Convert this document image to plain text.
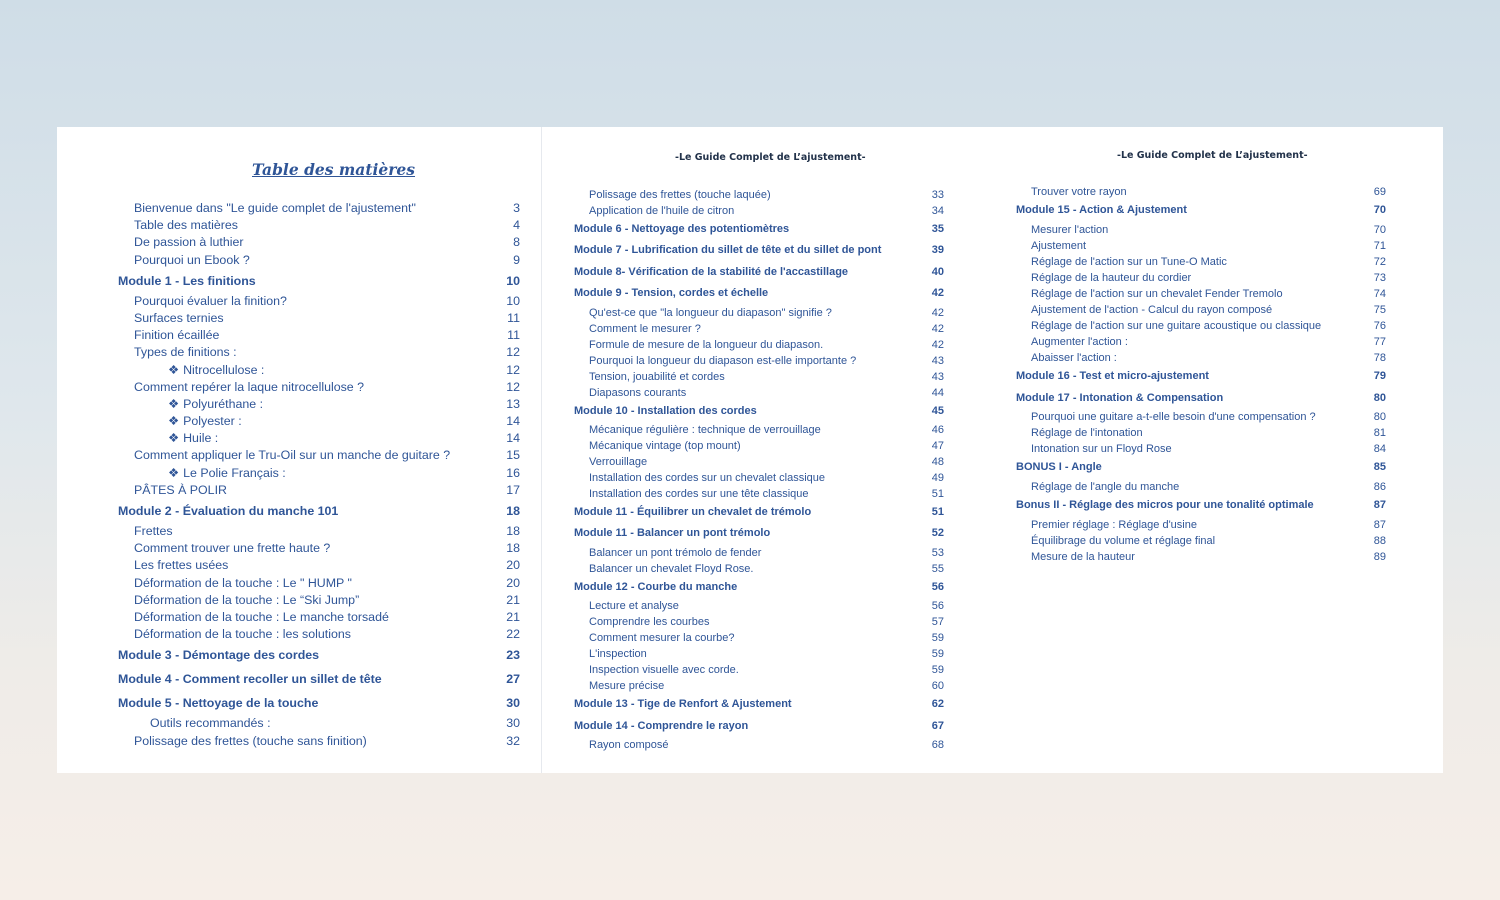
Table des matières
-Le Guide Complet de L’ajustement-	-Le Guide Complet de L’ajustement-
Bienvenue dans "Le guide complet de l'ajustement"	3
Table des matières	4
De passion à luthier	8
Pourquoi un Ebook ?	9
Module 1 - Les finitions	10
Pourquoi évaluer la finition?	10
Surfaces ternies	11
Finition écaillée	11
Types de finitions :	12
❖ Nitrocellulose :	12
Comment repérer la laque nitrocellulose ?	12
❖ Polyuréthane :	13
❖ Polyester :	14
❖ Huile :	14
Comment appliquer le Tru-Oil sur un manche de guitare ?	15
❖ Le Polie Français :	16
PÂTES À POLIR	17
Module 2 - Évaluation du manche 101	18
Frettes	18
Comment trouver une frette haute ?	18
Les frettes usées	20
Déformation de la touche : Le " HUMP "	20
Déformation de la touche : Le “Ski Jump”	21
Déformation de la touche : Le manche torsadé	21
Déformation de la touche : les solutions	22
Module 3 - Démontage des cordes	23
Module 4 - Comment recoller un sillet de tête	27
Module 5 - Nettoyage de la touche	30
Outils recommandés :	30
Polissage des frettes (touche sans finition)	32
Polissage des frettes (touche laquée)	33
Application de l'huile de citron	34
Module 6 - Nettoyage des potentiomètres	35
Module 7 - Lubrification du sillet de tête et du sillet de pont	39
Module 8- Vérification de la stabilité de l'accastillage	40
Module 9 - Tension, cordes et échelle	42
Qu'est-ce que "la longueur du diapason" signifie ?	42
Comment le mesurer ?	42
Formule de mesure de la longueur du diapason.	42
Pourquoi la longueur du diapason est-elle importante ?	43
Tension, jouabilité et cordes	43
Diapasons courants	44
Module 10 - Installation des cordes	45
Mécanique régulière : technique de verrouillage	46
Mécanique vintage (top mount)	47
Verrouillage	48
Installation des cordes sur un chevalet classique	49
Installation des cordes sur une tête classique	51
Module 11 - Équilibrer un chevalet de trémolo	51
Module 11 - Balancer un pont trémolo	52
Balancer un pont trémolo de fender	53
Balancer un chevalet Floyd Rose.	55
Module 12 - Courbe du manche	56
Lecture et analyse	56
Comprendre les courbes	57
Comment mesurer la courbe?	59
L'inspection	59
Inspection visuelle avec corde.	59
Mesure précise	60
Module 13 - Tige de Renfort & Ajustement	62
Module 14 - Comprendre le rayon	67
Rayon composé	68
Trouver votre rayon	69
Module 15 - Action & Ajustement	70
Mesurer l'action	70
Ajustement	71
Réglage de l'action sur un Tune-O Matic	72
Réglage de la hauteur du cordier	73
Réglage de l'action sur un chevalet Fender Tremolo	74
Ajustement de l'action - Calcul du rayon composé	75
Réglage de l'action sur une guitare acoustique ou classique	76
Augmenter l'action :	77
Abaisser l'action :	78
Module 16 - Test et micro-ajustement	79
Module 17 - Intonation & Compensation	80
Pourquoi une guitare a-t-elle besoin d'une compensation ?	80
Réglage de l'intonation	81
Intonation sur un Floyd Rose	84
BONUS I - Angle	85
Réglage de l'angle du manche	86
Bonus II - Réglage des micros pour une tonalité optimale	87
Premier réglage : Réglage d'usine	87
Équilibrage du volume et réglage final	88
Mesure de la hauteur	89
